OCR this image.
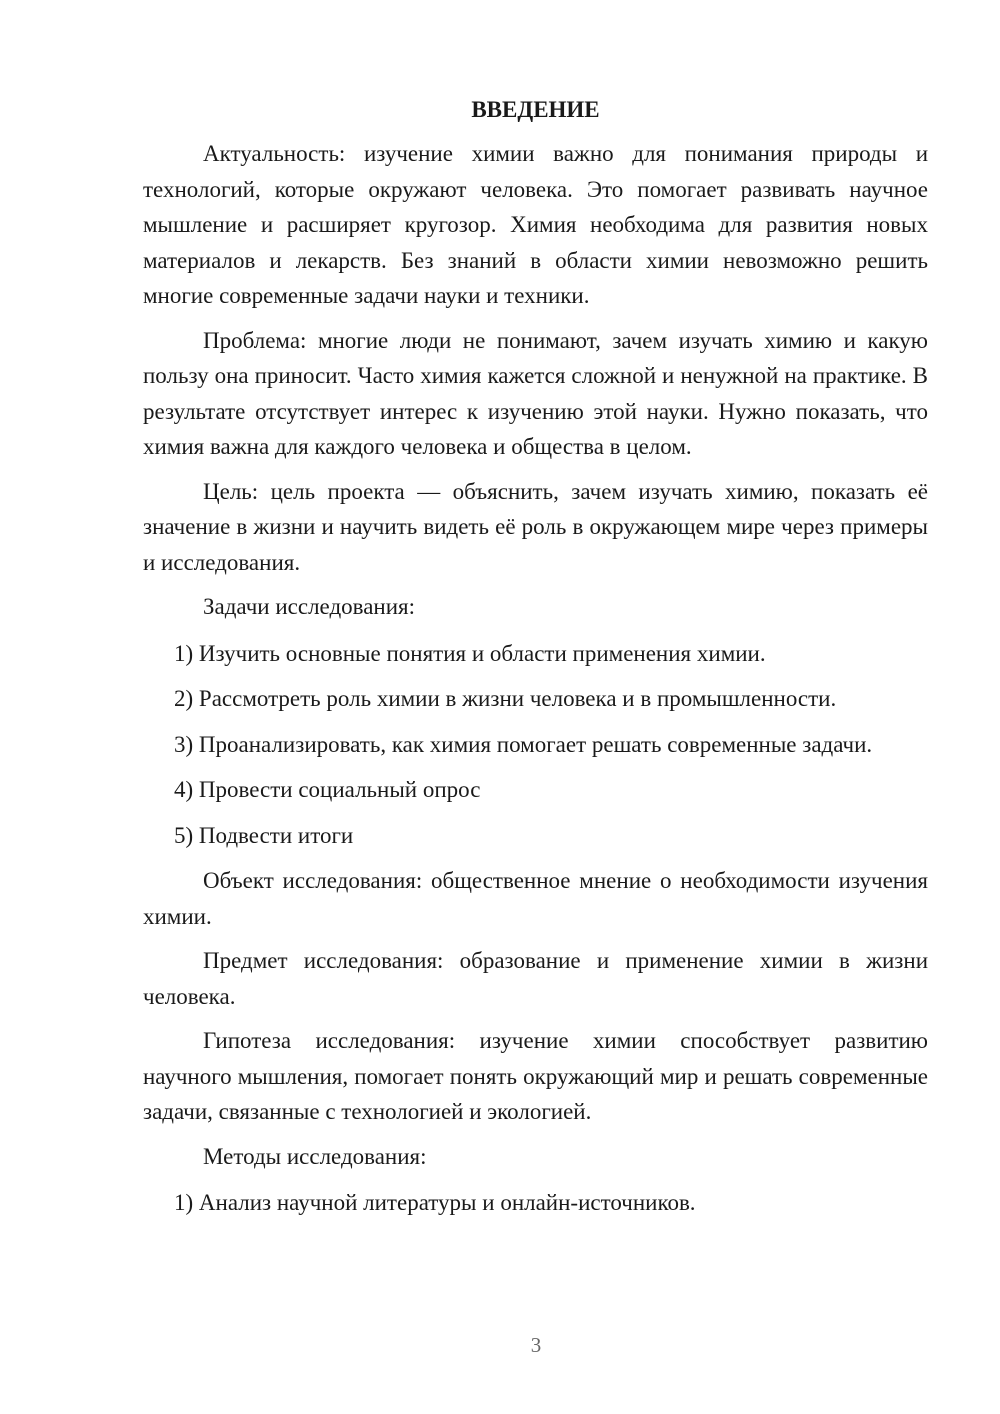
ВВЕДЕНИЕ

Актуальность: изучение химии важно для понимания природы и технологий, которые окружают человека. Это помогает развивать научное мышление и расширяет кругозор. Химия необходима для развития новых материалов и лекарств. Без знаний в области химии невозможно решить многие современные задачи науки и техники.

Проблема: многие люди не понимают, зачем изучать химию и какую пользу она приносит. Часто химия кажется сложной и ненужной на практике. В результате отсутствует интерес к изучению этой науки. Нужно показать, что химия важна для каждого человека и общества в целом.

Цель: цель проекта — объяснить, зачем изучать химию, показать её значение в жизни и научить видеть её роль в окружающем мире через примеры и исследования.

Задачи исследования:

1) Изучить основные понятия и области применения химии.

2) Рассмотреть роль химии в жизни человека и в промышленности.

3) Проанализировать, как химия помогает решать современные задачи.

4) Провести социальный опрос

5) Подвести итоги

Объект исследования: общественное мнение о необходимости изучения химии.

Предмет исследования: образование и применение химии в жизни человека.

Гипотеза исследования: изучение химии способствует развитию научного мышления, помогает понять окружающий мир и решать современные задачи, связанные с технологией и экологией.

Методы исследования:

1) Анализ научной литературы и онлайн-источников.

3
